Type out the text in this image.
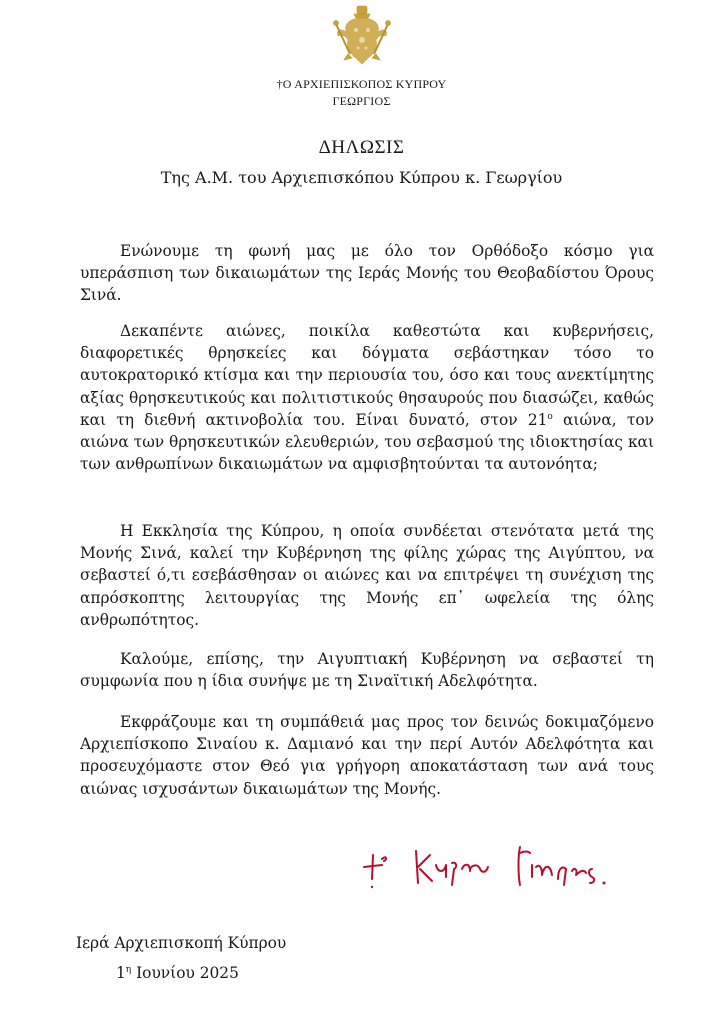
†Ο ΑΡΧΙΕΠΙΣΚΟΠΟΣ ΚΥΠΡΟΥ
ΓΕΩΡΓΙΟΣ
ΔΗΛΩΣΙΣ
Της Α.Μ. του Αρχιεπισκόπου Κύπρου κ. Γεωργίου

Ενώνουμε τη φωνή μας με όλο τον Ορθόδοξο κόσμο για υπεράσπιση των δικαιωμάτων της Ιεράς Μονής του Θεοβαδίστου Όρους Σινά.

Δεκαπέντε αιώνες, ποικίλα καθεστώτα και κυβερνήσεις, διαφορετικές θρησκείες και δόγματα σεβάστηκαν τόσο το αυτοκρατορικό κτίσμα και την περιουσία του, όσο και τους ανεκτίμητης αξίας θρησκευτικούς και πολιτιστικούς θησαυρούς που διασώζει, καθώς και τη διεθνή ακτινοβολία του. Είναι δυνατό, στον $21^o$ αιώνα, τον αιώνα των θρησκευτικών ελευθεριών, του σεβασμού της ιδιοκτησίας και των ανθρωπίνων δικαιωμάτων να αμφισβητούνται τα αυτονόητα;

Η Εκκλησία της Κύπρου, η οποία συνδέεται στενότατα μετά της Μονής Σινά, καλεί την Κυβέρνηση της φίλης χώρας της Αιγύπτου, να σεβαστεί ό,τι εσεβάσθησαν οι αιώνες και να επιτρέψει τη συνέχιση της απρόσκοπτης λειτουργίας της Μονής επ᾽ ωφελεία της όλης ανθρωπότητος.

Καλούμε, επίσης, την Αιγυπτιακή Κυβέρνηση να σεβαστεί τη συμφωνία που η ίδια συνήψε με τη Σιναϊτική Αδελφότητα.

Εκφράζουμε και τη συμπάθειά μας προς τον δεινώς δοκιμαζόμενο Αρχιεπίσκοπο Σιναίου κ. Δαμιανό και την περί Αυτόν Αδελφότητα και προσευχόμαστε στον Θεό για γρήγορη αποκατάσταση των ανά τους αιώνας ισχυσάντων δικαιωμάτων της Μονής.

Ιερά Αρχιεπισκοπή Κύπρου
$1^\eta$ Ιουνίου 2025
